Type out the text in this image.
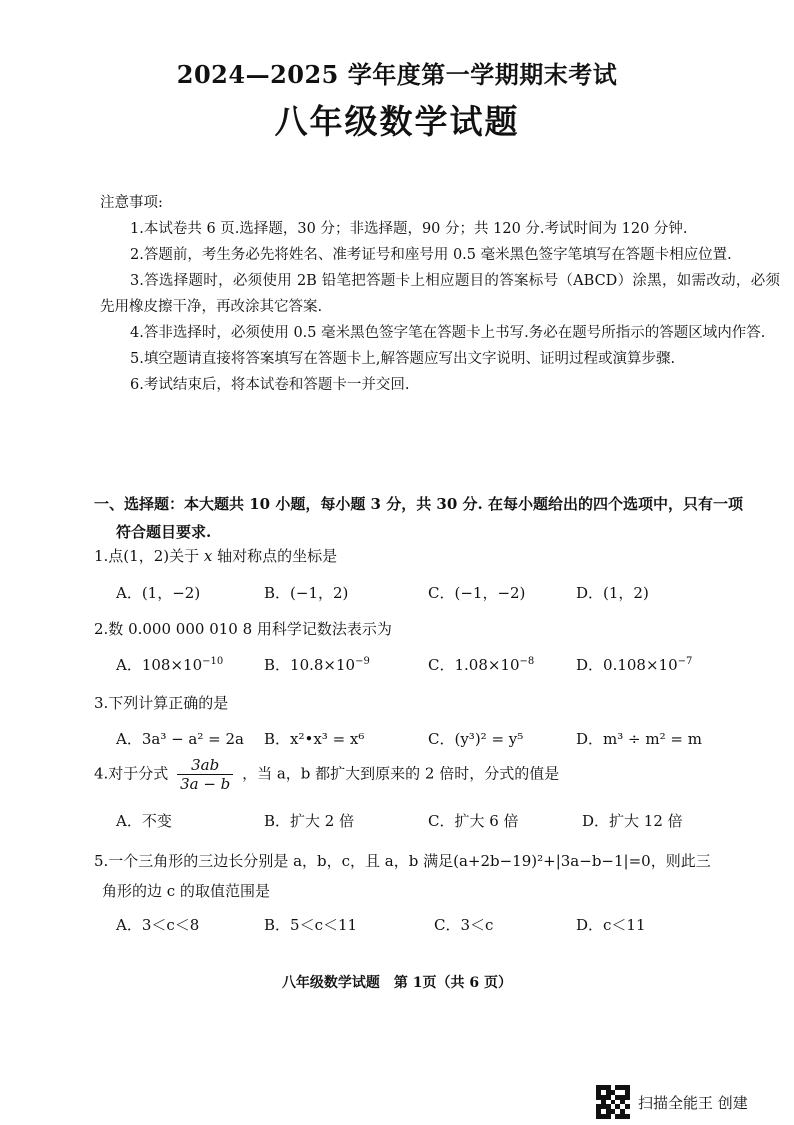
2024—2025 学年度第一学期期末考试
八年级数学试题
注意事项:
1.本试卷共 6 页.选择题，30 分；非选择题，90 分；共 120 分.考试时间为 120 分钟.
2.答题前，考生务必先将姓名、准考证号和座号用 0.5 毫米黑色签字笔填写在答题卡相应位置.
3.答选择题时，必须使用 2B 铅笔把答题卡上相应题目的答案标号（ABCD）涂黑，如需改动，必须先用橡皮擦干净，再改涂其它答案.
4.答非选择时，必须使用 0.5 毫米黑色签字笔在答题卡上书写.务必在题号所指示的答题区域内作答.
5.填空题请直接将答案填写在答题卡上,解答题应写出文字说明、证明过程或演算步骤.
6.考试结束后，将本试卷和答题卡一并交回.
一、选择题：本大题共 10 小题，每小题 3 分，共 30 分. 在每小题给出的四个选项中，只有一项
符合题目要求.
1.点(1，2)关于 x 轴对称点的坐标是
A．(1，−2)	B．(−1，2)	C．(−1，−2)	D．(1，2)
2.数 0.000 000 010 8 用科学记数法表示为
A．$108\times 10^{-10}$	B．$10.8\times 10^{-9}$	C．$1.08\times 10^{-8}$	D．$0.108\times 10^{-7}$
3.下列计算正确的是
A．3a³ − a² = 2a B．x²•x³ = x⁶	C．(y³)² = y⁵	D．m³ ÷ m² = m
4.对于分式 $\frac{3ab}{3a - b}$ ，当 a，b 都扩大到原来的 2 倍时，分式的值是
A．不变	B．扩大 2 倍	C．扩大 6 倍	D．扩大 12 倍
5.一个三角形的三边长分别是 a，b，c，且 a，b 满足(a+2b−19)²+|3a−b−1|=0，则此三
角形的边 c 的取值范围是
A．3＜c＜8	B．5＜c＜11	C．3＜c	D．c＜11
八年级数学试题　第 1页（共 6 页）
扫描全能王 创建
